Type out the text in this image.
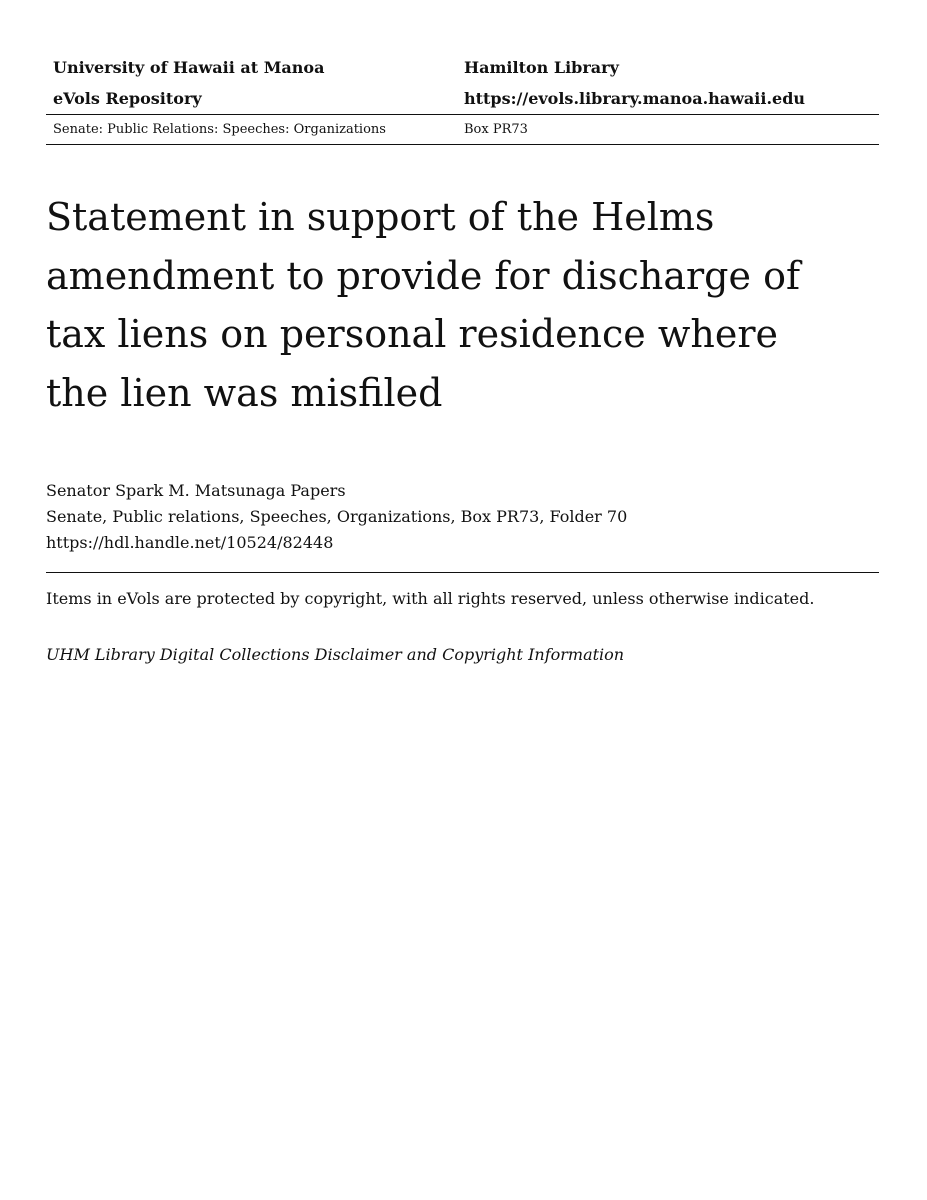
University of Hawaii at Manoa	Hamilton Library
eVols Repository	https://evols.library.manoa.hawaii.edu
Senate: Public Relations: Speeches: Organizations	Box PR73
Statement in support of the Helms amendment to provide for discharge of tax liens on personal residence where the lien was misfiled
Senator Spark M. Matsunaga Papers
Senate, Public relations, Speeches, Organizations, Box PR73, Folder 70
https://hdl.handle.net/10524/82448
Items in eVols are protected by copyright, with all rights reserved, unless otherwise indicated.
UHM Library Digital Collections Disclaimer and Copyright Information
